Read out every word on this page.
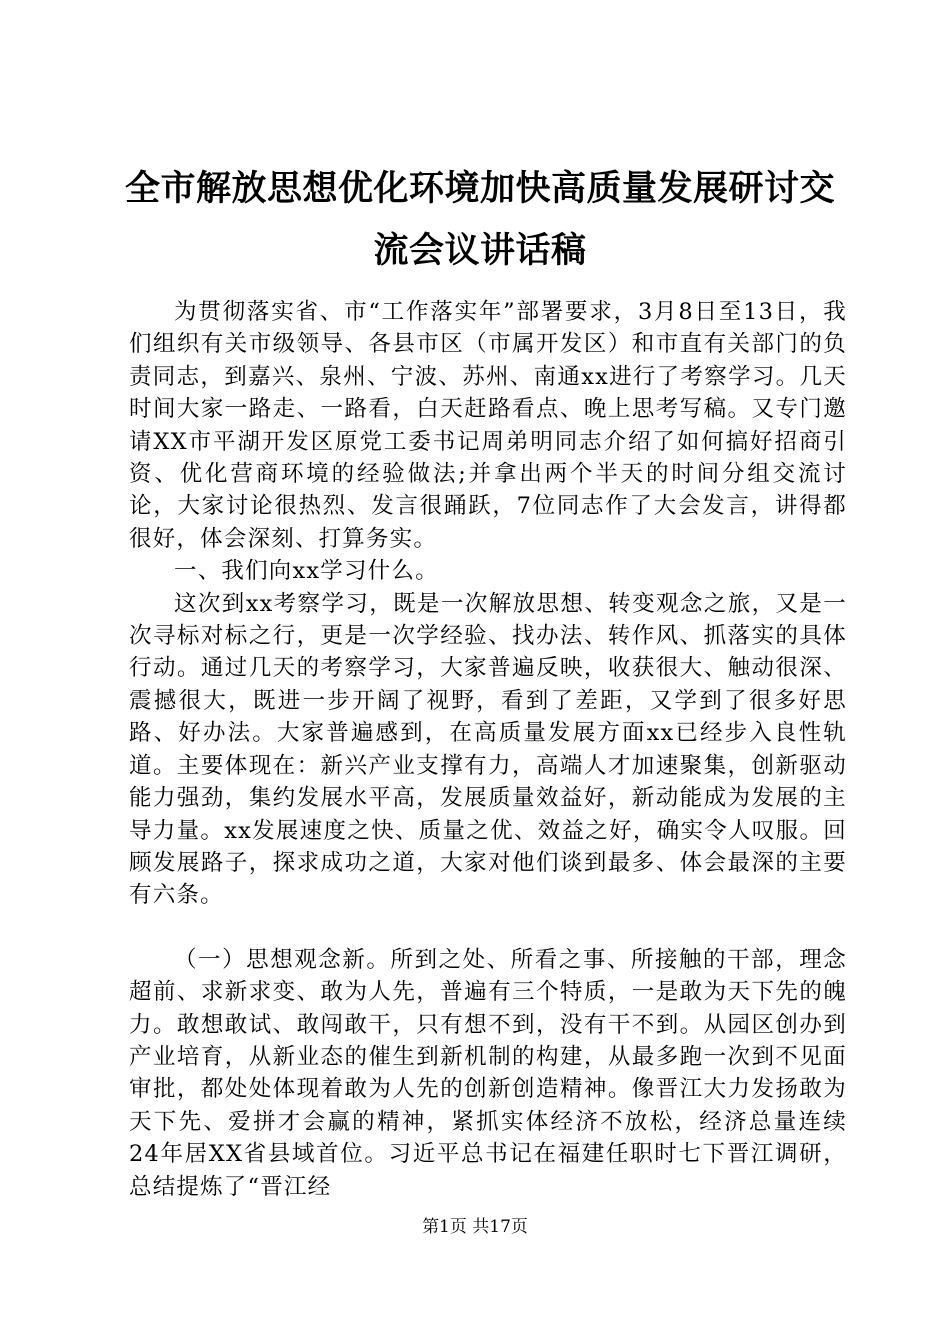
全市解放思想优化环境加快高质量发展研讨交流会议讲话稿

为贯彻落实省、市“工作落实年”部署要求，3月8日至13日，我们组织有关市级领导、各县市区（市属开发区）和市直有关部门的负责同志，到嘉兴、泉州、宁波、苏州、南通xx进行了考察学习。几天时间大家一路走、一路看，白天赶路看点、晚上思考写稿。又专门邀请XX市平湖开发区原党工委书记周弟明同志介绍了如何搞好招商引资、优化营商环境的经验做法;并拿出两个半天的时间分组交流讨论，大家讨论很热烈、发言很踊跃，7位同志作了大会发言，讲得都很好，体会深刻、打算务实。

一、我们向xx学习什么。

这次到xx考察学习，既是一次解放思想、转变观念之旅，又是一次寻标对标之行，更是一次学经验、找办法、转作风、抓落实的具体行动。通过几天的考察学习，大家普遍反映，收获很大、触动很深、震撼很大，既进一步开阔了视野，看到了差距，又学到了很多好思路、好办法。大家普遍感到，在高质量发展方面xx已经步入良性轨道。主要体现在：新兴产业支撑有力，高端人才加速聚集，创新驱动能力强劲，集约发展水平高，发展质量效益好，新动能成为发展的主导力量。xx发展速度之快、质量之优、效益之好，确实令人叹服。回顾发展路子，探求成功之道，大家对他们谈到最多、体会最深的主要有六条。

（一）思想观念新。所到之处、所看之事、所接触的干部，理念超前、求新求变、敢为人先，普遍有三个特质，一是敢为天下先的魄力。敢想敢试、敢闯敢干，只有想不到，没有干不到。从园区创办到产业培育，从新业态的催生到新机制的构建，从最多跑一次到不见面审批，都处处体现着敢为人先的创新创造精神。像晋江大力发扬敢为天下先、爱拼才会赢的精神，紧抓实体经济不放松，经济总量连续24年居XX省县域首位。习近平总书记在福建任职时七下晋江调研，总结提炼了“晋江经

第1页 共17页
